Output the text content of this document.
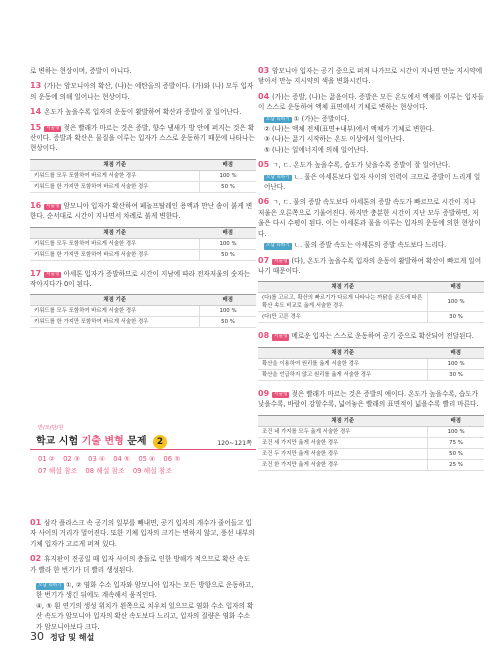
로 변하는 현상이며, 증발이 아니다.

13 (가)는 암모니아의 확산, (나)는 에탄올의 증발이다. (가)와 (나) 모두 입자의 운동에 의해 일어나는 현상이다.

14 온도가 높을수록 입자의 운동이 활발하여 확산과 증발이 잘 일어난다.

15 서술형 젖은 빨래가 마르는 것은 증발, 향수 냄새가 방 안에 퍼지는 것은 확산이다. 증발과 확산은 물질을 이루는 입자가 스스로 운동하기 때문에 나타나는 현상이다.

채점 기준	배점
키워드를 모두 포함하여 바르게 서술한 경우	100 %
키워드를 한 가지만 포함하여 바르게 서술한 경우	50 %

16 서술형 암모니아 입자가 확산하여 페놀프탈레인 용액과 만난 솜이 붉게 변한다. 순서대로 시간이 지나면서 차례로 붉게 변한다.

채점 기준	배점
키워드를 모두 포함하여 바르게 서술한 경우	100 %
키워드를 한 가지만 포함하여 바르게 서술한 경우	50 %

17 서술형 아세톤 입자가 증발하므로 시간이 지남에 따라 전자저울의 숫자는 작아지다가 0이 된다.

채점 기준	배점
키워드를 모두 포함하여 바르게 서술한 경우	100 %
키워드를 한 가지만 포함하여 바르게 서술한 경우	50 %
반/모/단/원
학교 시험 기출 변형 문제 2	120~121쪽
01 ② 02 ③ 03 ④ 04 ⑤ 05 ④ 06 ⑤
07 해설 참조 08 해설 참조 09 해설 참조

01 삼각 플라스크 속 공기의 일부를 빼내면, 공기 입자의 개수가 줄어들고 입자 사이의 거리가 멀어진다. 또한 기체 입자의 크기는 변하지 않고, 풍선 내부의 기체 입자가 고르게 퍼져 있다.

02 휴지판이 진공일 때 입자 사이의 충돌로 인한 방해가 적으므로 확산 속도가 빨라 한 번기가 더 빨리 생성된다.

오답 피하기 ①, ② 염화 수소 입자와 암모니아 입자는 모든 방향으로 운동하고, 한 번기가 생긴 뒤에도 계속해서 움직인다.

④, ⑤ 흰 연기의 생성 위치가 왼쪽으로 치우쳐 있으므로 염화 수소 입자의 확산 속도가 암모니아 입자의 확산 속도보다 느리고, 입자의 질량은 염화 수소가 암모니아보다 크다.

03 암모니아 입자는 공기 중으로 퍼져 나가므로 시간이 지나면 만능 지시약에 닿아서 만능 지시약의 색을 변화시킨다.

04 (가)는 증발, (나)는 끓음이다. 증발은 모든 온도에서 액체를 이루는 입자들이 스스로 운동하여 액체 표면에서 기체로 변하는 현상이다.

오답 피하기 ① (가)는 증발이다.
② (나)는 액체 전체(표면+내부)에서 액체가 기체로 변한다.
③ (나)는 끓기 시작하는 온도 이상에서 일어난다.
⑤ (나)는 일에너지에 의해 일어난다.

05 ㄱ, ㄷ. 온도가 높을수록, 습도가 낮을수록 증발이 잘 일어난다.

오답 피하기 ㄴ. 물은 아세톤보다 입자 사이의 인력이 크므로 증발이 느리게 일어난다.

06 ㄱ, ㄷ. 물의 증발 속도보다 아세톤의 증발 속도가 빠르므로 시간이 지나 저울은 오른쪽으로 기울어진다. 하지만 충분한 시간이 지난 모두 증발하면, 저울은 다시 수평이 된다. 이는 아세톤과 물을 이루는 입자의 운동에 의한 현상이다.

오답 피하기 ㄴ. 물의 증발 속도는 아세톤의 증발 속도보다 느리다.

07 서술형 (다), 온도가 높을수록 입자의 운동이 활발하여 확산이 빠르게 일어나기 때문이다.

채점 기준	배점
(다)를 고르고, 확산의 빠르기가 다르게 나타나는 까닭을 온도에 따른 확산 속도 비교로 옳게 서술한 경우	100 %
(다)만 고른 경우	30 %

08 서술형 메로운 입자는 스스로 운동하여 공기 중으로 확산되어 전달된다.

채점 기준	배점
확산을 이용하여 원리를 옳게 서술한 경우	100 %
확산을 언급하지 않고 원리를 옳게 서술한 경우	30 %

09 서술형 젖은 빨래가 마르는 것은 증발의 예이다. 온도가 높을수록, 습도가 낮을수록, 바람이 강할수록, 넓어놓은 빨래의 표면적이 넓을수록 빨리 마른다.

채점 기준	배점
조건 네 가지를 모두 옳게 서술한 경우	100 %
조건 세 가지만 옳게 서술한 경우	75 %
조건 두 가지만 옳게 서술한 경우	50 %
조건 한 가지만 옳게 서술한 경우	25 %
30 정답 및 해설
